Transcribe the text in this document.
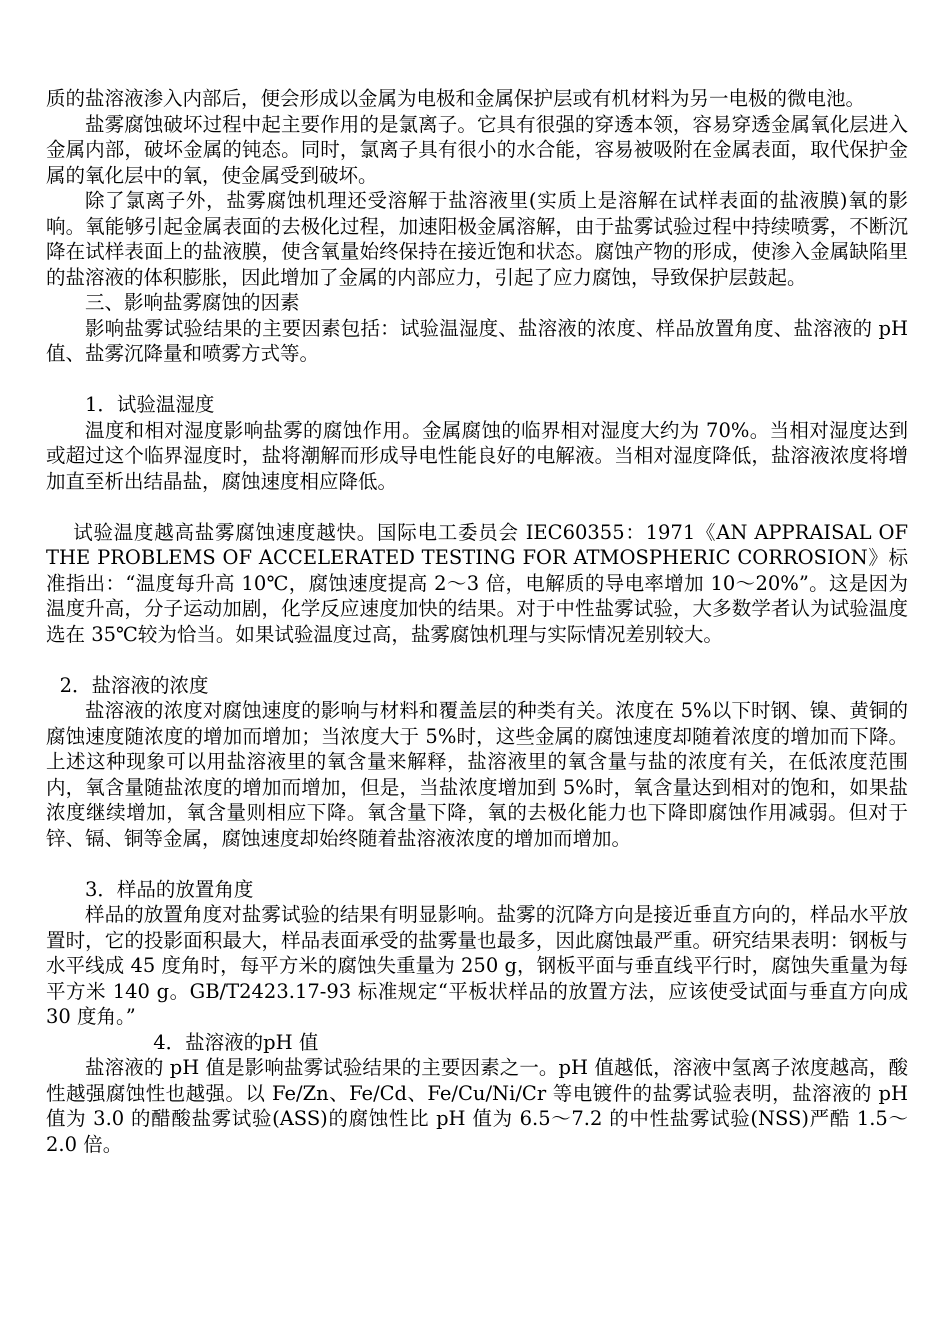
质的盐溶液渗入内部后，便会形成以金属为电极和金属保护层或有机材料为另一电极的微电池。

盐雾腐蚀破坏过程中起主要作用的是氯离子。它具有很强的穿透本领，容易穿透金属氧化层进入金属内部，破坏金属的钝态。同时，氯离子具有很小的水合能，容易被吸附在金属表面，取代保护金属的氧化层中的氧，使金属受到破坏。

除了氯离子外，盐雾腐蚀机理还受溶解于盐溶液里(实质上是溶解在试样表面的盐液膜)氧的影响。氧能够引起金属表面的去极化过程，加速阳极金属溶解，由于盐雾试验过程中持续喷雾，不断沉降在试样表面上的盐液膜，使含氧量始终保持在接近饱和状态。腐蚀产物的形成，使渗入金属缺陷里的盐溶液的体积膨胀，因此增加了金属的内部应力，引起了应力腐蚀，导致保护层鼓起。

三、影响盐雾腐蚀的因素

影响盐雾试验结果的主要因素包括：试验温湿度、盐溶液的浓度、样品放置角度、盐溶液的 pH 值、盐雾沉降量和喷雾方式等。

1．试验温湿度

温度和相对湿度影响盐雾的腐蚀作用。金属腐蚀的临界相对湿度大约为 70%。当相对湿度达到或超过这个临界湿度时，盐将潮解而形成导电性能良好的电解液。当相对湿度降低，盐溶液浓度将增加直至析出结晶盐，腐蚀速度相应降低。

试验温度越高盐雾腐蚀速度越快。国际电工委员会 IEC60355：1971《AN APPRAISAL OF THE PROBLEMS OF ACCELERATED TESTING FOR ATMOSPHERIC CORROSION》标准指出：“温度每升高 10℃，腐蚀速度提高 2～3 倍，电解质的导电率增加 10～20%”。这是因为温度升高，分子运动加剧，化学反应速度加快的结果。对于中性盐雾试验，大多数学者认为试验温度选在 35℃较为恰当。如果试验温度过高，盐雾腐蚀机理与实际情况差别较大。

2．盐溶液的浓度

盐溶液的浓度对腐蚀速度的影响与材料和覆盖层的种类有关。浓度在 5%以下时钢、镍、黄铜的腐蚀速度随浓度的增加而增加；当浓度大于 5%时，这些金属的腐蚀速度却随着浓度的增加而下降。上述这种现象可以用盐溶液里的氧含量来解释，盐溶液里的氧含量与盐的浓度有关，在低浓度范围内，氧含量随盐浓度的增加而增加，但是，当盐浓度增加到 5%时，氧含量达到相对的饱和，如果盐浓度继续增加，氧含量则相应下降。氧含量下降，氧的去极化能力也下降即腐蚀作用减弱。但对于锌、镉、铜等金属，腐蚀速度却始终随着盐溶液浓度的增加而增加。

3．样品的放置角度

样品的放置角度对盐雾试验的结果有明显影响。盐雾的沉降方向是接近垂直方向的，样品水平放置时，它的投影面积最大，样品表面承受的盐雾量也最多，因此腐蚀最严重。研究结果表明：钢板与水平线成 45 度角时，每平方米的腐蚀失重量为 250 g，钢板平面与垂直线平行时，腐蚀失重量为每平方米 140 g。GB/T2423.17-93 标准规定“平板状样品的放置方法，应该使受试面与垂直方向成 30 度角。”

4．盐溶液的pH 值

盐溶液的 pH 值是影响盐雾试验结果的主要因素之一。pH 值越低，溶液中氢离子浓度越高，酸性越强腐蚀性也越强。以 Fe/Zn、Fe/Cd、Fe/Cu/Ni/Cr 等电镀件的盐雾试验表明，盐溶液的 pH 值为 3.0 的醋酸盐雾试验(ASS)的腐蚀性比 pH 值为 6.5～7.2 的中性盐雾试验(NSS)严酷 1.5～2.0 倍。
